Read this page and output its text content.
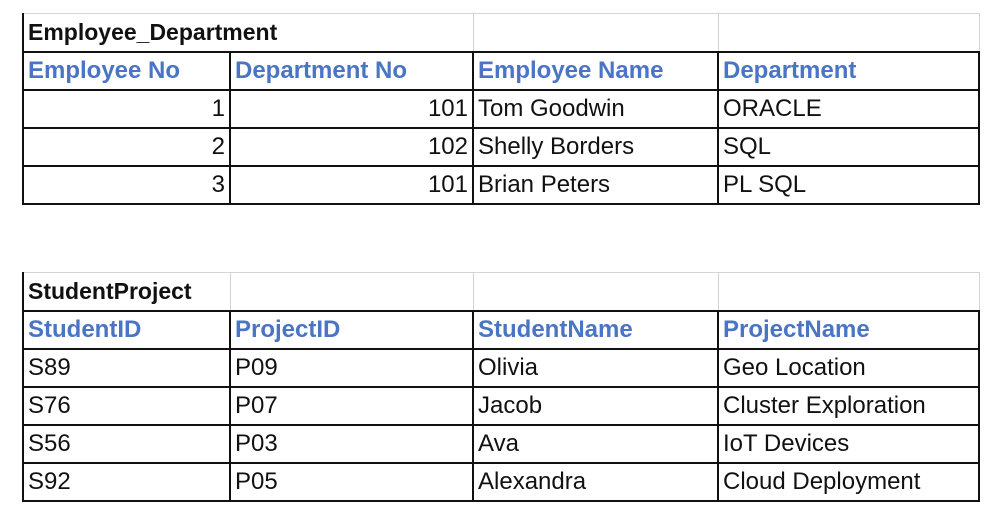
Employee_Department			
Employee No	Department No	Employee Name	Department
1	101	Tom Goodwin	ORACLE
2	102	Shelly Borders	SQL
3	101	Brian Peters	PL SQL
StudentProject			
StudentID	ProjectID	StudentName	ProjectName
S89	P09	Olivia	Geo Location
S76	P07	Jacob	Cluster Exploration
S56	P03	Ava	IoT Devices
S92	P05	Alexandra	Cloud Deployment
